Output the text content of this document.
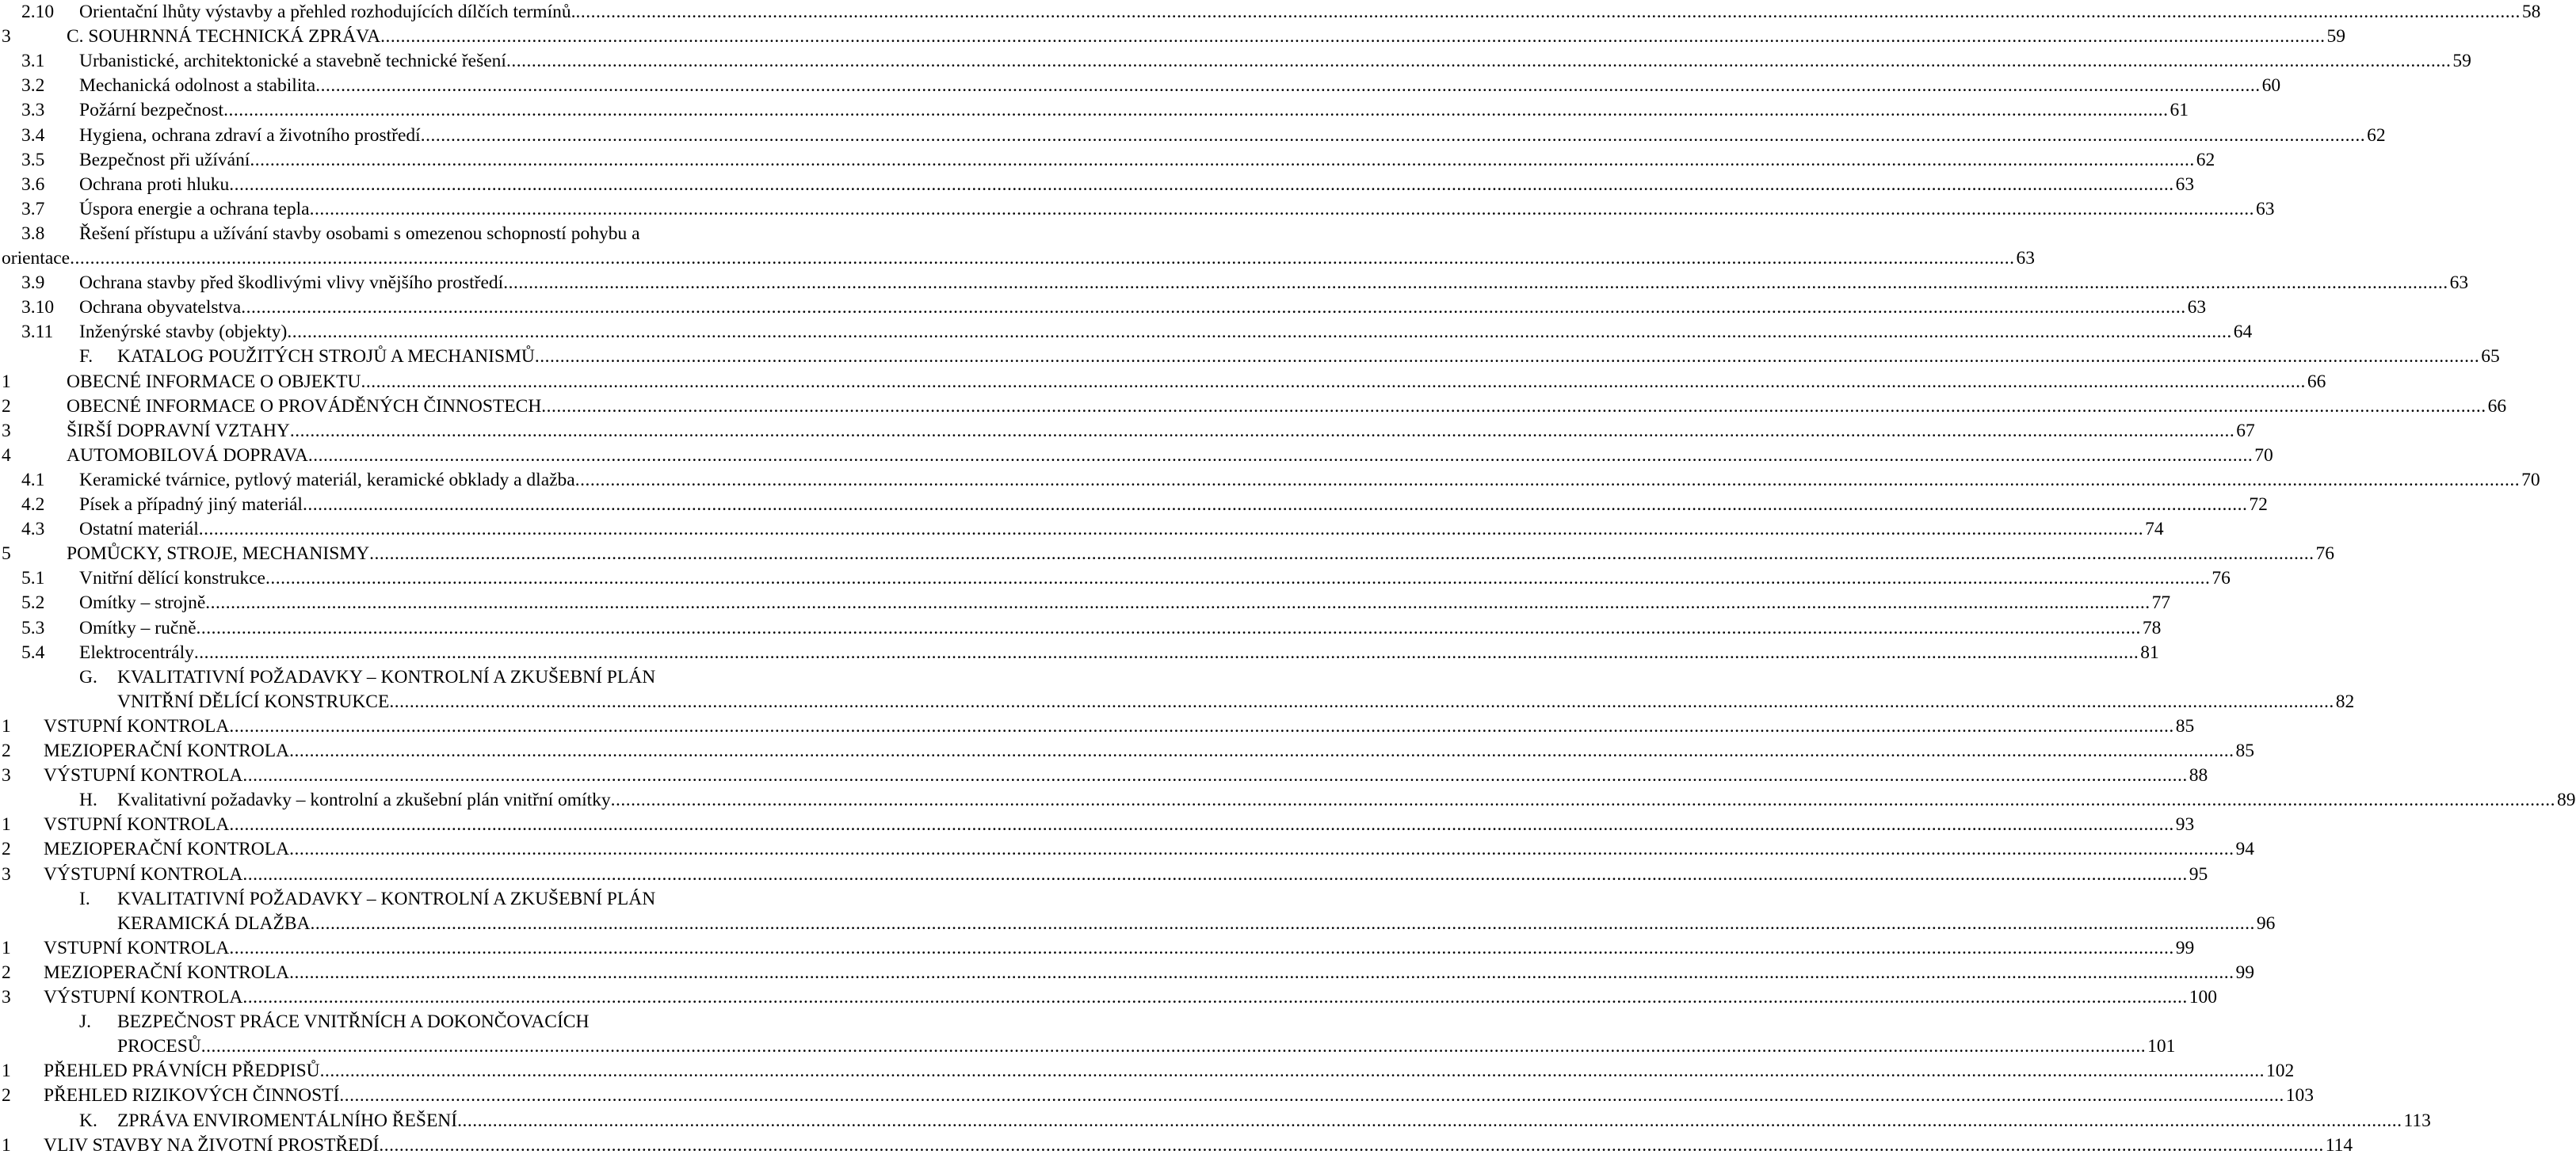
2.10 Orientační lhůty výstavby a přehled rozhodujících dílčích termínů. .....	58
3	C. SOUHRNNÁ TECHNICKÁ ZPRÁVA .....	59
3.1 Urbanistické, architektonické a stavebně technické řešení .....	59
3.2 Mechanická odolnost a stabilita .....	60
3.3 Požární bezpečnost .....	61
3.4 Hygiena, ochrana zdraví a životního prostředí .....	62
3.5 Bezpečnost při užívání .....	62
3.6 Ochrana proti hluku .....	63
3.7 Úspora energie a ochrana tepla .....	63
3.8 Řešení přístupu a užívání stavby osobami s omezenou schopností pohybu a
orientace .....	63
3.9 Ochrana stavby před škodlivými vlivy vnějšího prostředí .....	63
3.10 Ochrana obyvatelstva .....	63
3.11 Inženýrské stavby (objekty) .....	64
F. KATALOG POUŽITÝCH STROJŮ A MECHANISMŮ .....	65
1	OBECNÉ INFORMACE O OBJEKTU .....	66
2	OBECNÉ INFORMACE O PROVÁDĚNÝCH ČINNOSTECH .....	66
3	ŠIRŠÍ DOPRAVNÍ VZTAHY .....	67
4	AUTOMOBILOVÁ DOPRAVA .....	70
4.1 Keramické tvárnice, pytlový materiál, keramické obklady a dlažba .....	70
4.2 Písek a případný jiný materiál .....	72
4.3 Ostatní materiál .....	74
5	POMŮCKY, STROJE, MECHANISMY .....	76
5.1 Vnitřní dělící konstrukce .....	76
5.2 Omítky – strojně .....	77
5.3 Omítky – ručně .....	78
5.4 Elektrocentrály .....	81
G. KVALITATIVNÍ POŽADAVKY – KONTROLNÍ A ZKUŠEBNÍ PLÁN
VNITŘNÍ DĚLÍCÍ KONSTRUKCE .....	82
1 VSTUPNÍ KONTROLA .....	85
2 MEZIOPERAČNÍ KONTROLA .....	85
3 VÝSTUPNÍ KONTROLA .....	88
H. Kvalitativní požadavky – kontrolní a zkušební plán vnitřní omítky .....	89
1 VSTUPNÍ KONTROLA .....	93
2 MEZIOPERAČNÍ KONTROLA .....	94
3 VÝSTUPNÍ KONTROLA .....	95
I. KVALITATIVNÍ POŽADAVKY – KONTROLNÍ A ZKUŠEBNÍ PLÁN
KERAMICKÁ DLAŽBA .....	96
1 VSTUPNÍ KONTROLA .....	99
2 MEZIOPERAČNÍ KONTROLA .....	99
3 VÝSTUPNÍ KONTROLA .....	100
J. BEZPEČNOST PRÁCE VNITŘNÍCH A DOKONČOVACÍCH
PROCESŮ .....	101
1 PŘEHLED PRÁVNÍCH PŘEDPISŮ .....	102
2 PŘEHLED RIZIKOVÝCH ČINNOSTÍ .....	103
K. ZPRÁVA ENVIROMENTÁLNÍHO ŘEŠENÍ .....	113
1 VLIV STAVBY NA ŽIVOTNÍ PROSTŘEDÍ .....	114
